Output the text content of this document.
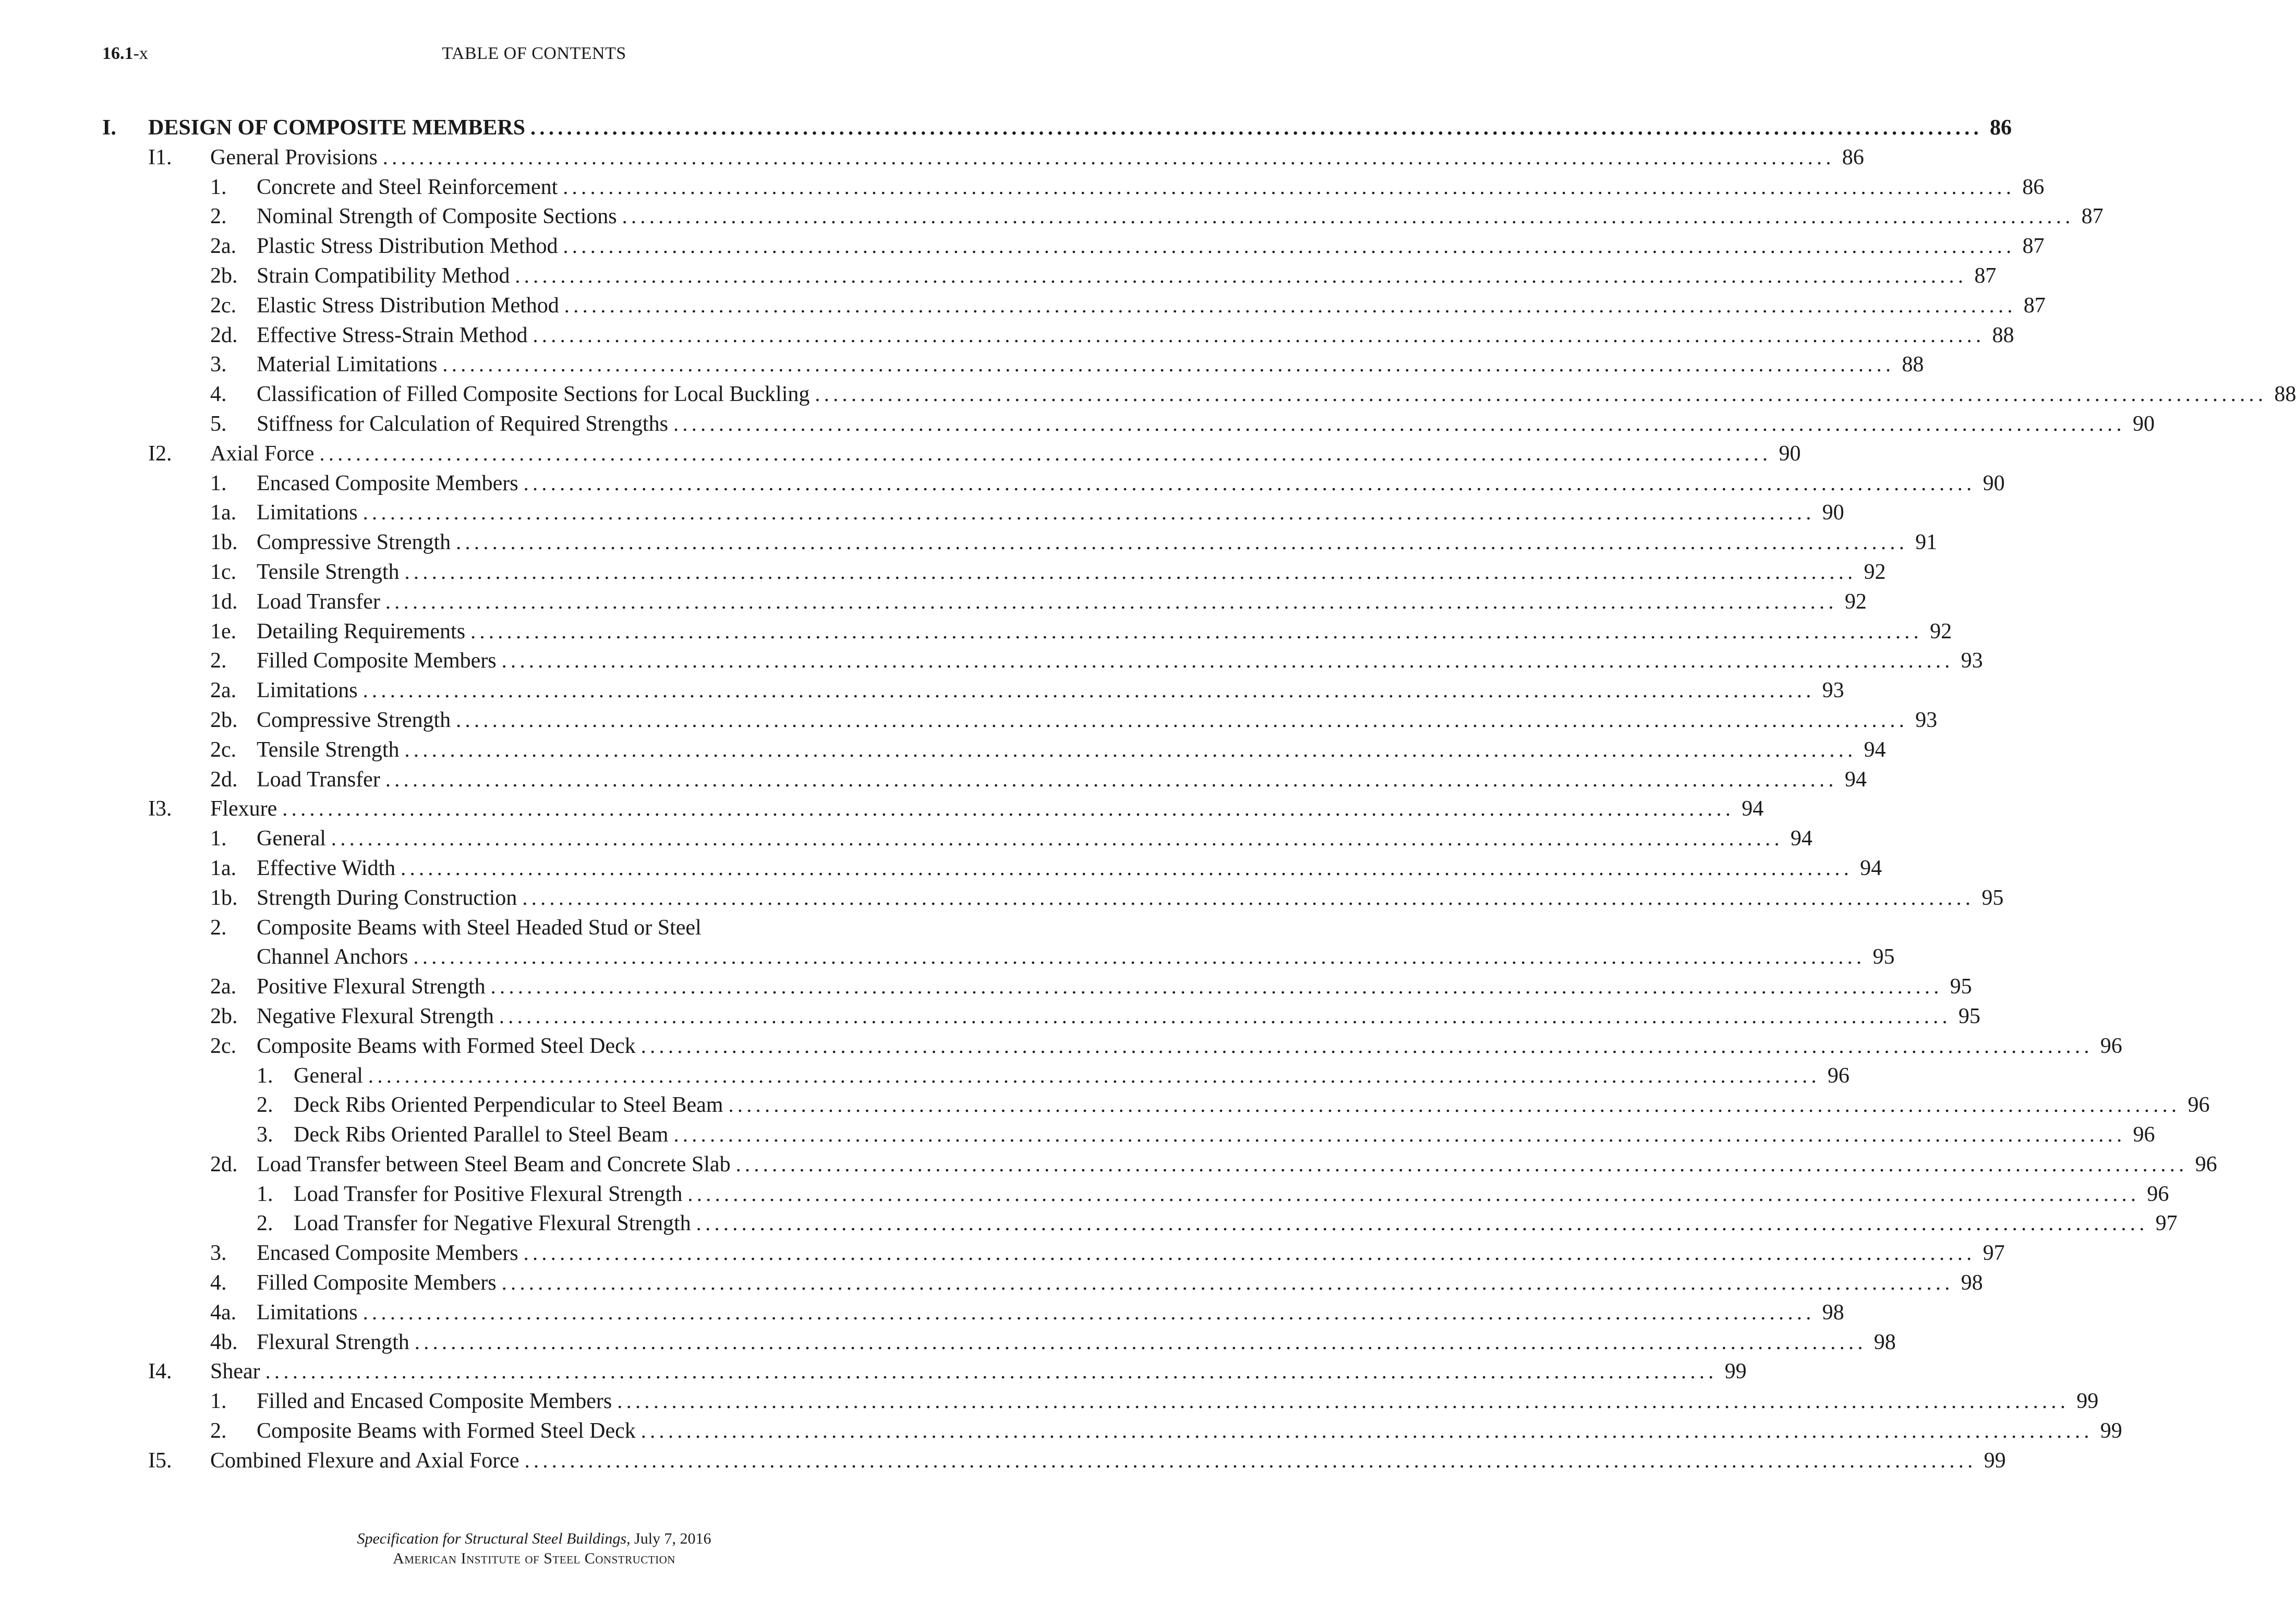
16.1-x	TABLE OF CONTENTS
I. DESIGN OF COMPOSITE MEMBERS ................................................................................................................................................................ 86
I1. General Provisions ................................................................................................................................................................ 86
1. Concrete and Steel Reinforcement ................................................................................................................................................................ 86
2. Nominal Strength of Composite Sections ................................................................................................................................................................ 87
2a. Plastic Stress Distribution Method ................................................................................................................................................................ 87
2b. Strain Compatibility Method ................................................................................................................................................................ 87
2c. Elastic Stress Distribution Method ................................................................................................................................................................ 87
2d. Effective Stress-Strain Method ................................................................................................................................................................ 88
3. Material Limitations ................................................................................................................................................................ 88
4. Classification of Filled Composite Sections for Local Buckling ................................................................................................................................................................ 88
5. Stiffness for Calculation of Required Strengths ................................................................................................................................................................ 90
I2. Axial Force ................................................................................................................................................................ 90
1. Encased Composite Members ................................................................................................................................................................ 90
1a. Limitations ................................................................................................................................................................ 90
1b. Compressive Strength ................................................................................................................................................................ 91
1c. Tensile Strength ................................................................................................................................................................ 92
1d. Load Transfer ................................................................................................................................................................ 92
1e. Detailing Requirements ................................................................................................................................................................ 92
2. Filled Composite Members ................................................................................................................................................................ 93
2a. Limitations ................................................................................................................................................................ 93
2b. Compressive Strength ................................................................................................................................................................ 93
2c. Tensile Strength ................................................................................................................................................................ 94
2d. Load Transfer ................................................................................................................................................................ 94
I3. Flexure ................................................................................................................................................................ 94
1. General ................................................................................................................................................................ 94
1a. Effective Width ................................................................................................................................................................ 94
1b. Strength During Construction ................................................................................................................................................................ 95
2. Composite Beams with Steel Headed Stud or Steel
Channel Anchors ................................................................................................................................................................ 95
2a. Positive Flexural Strength ................................................................................................................................................................ 95
2b. Negative Flexural Strength ................................................................................................................................................................ 95
2c. Composite Beams with Formed Steel Deck ................................................................................................................................................................ 96
1. General ................................................................................................................................................................ 96
2. Deck Ribs Oriented Perpendicular to Steel Beam ................................................................................................................................................................ 96
3. Deck Ribs Oriented Parallel to Steel Beam ................................................................................................................................................................ 96
2d. Load Transfer between Steel Beam and Concrete Slab ................................................................................................................................................................ 96
1. Load Transfer for Positive Flexural Strength ................................................................................................................................................................ 96
2. Load Transfer for Negative Flexural Strength ................................................................................................................................................................ 97
3. Encased Composite Members ................................................................................................................................................................ 97
4. Filled Composite Members ................................................................................................................................................................ 98
4a. Limitations ................................................................................................................................................................ 98
4b. Flexural Strength ................................................................................................................................................................ 98
I4. Shear ................................................................................................................................................................ 99
1. Filled and Encased Composite Members ................................................................................................................................................................ 99
2. Composite Beams with Formed Steel Deck ................................................................................................................................................................ 99
I5. Combined Flexure and Axial Force ................................................................................................................................................................ 99
Specification for Structural Steel Buildings, July 7, 2016
American Institute of Steel Construction
